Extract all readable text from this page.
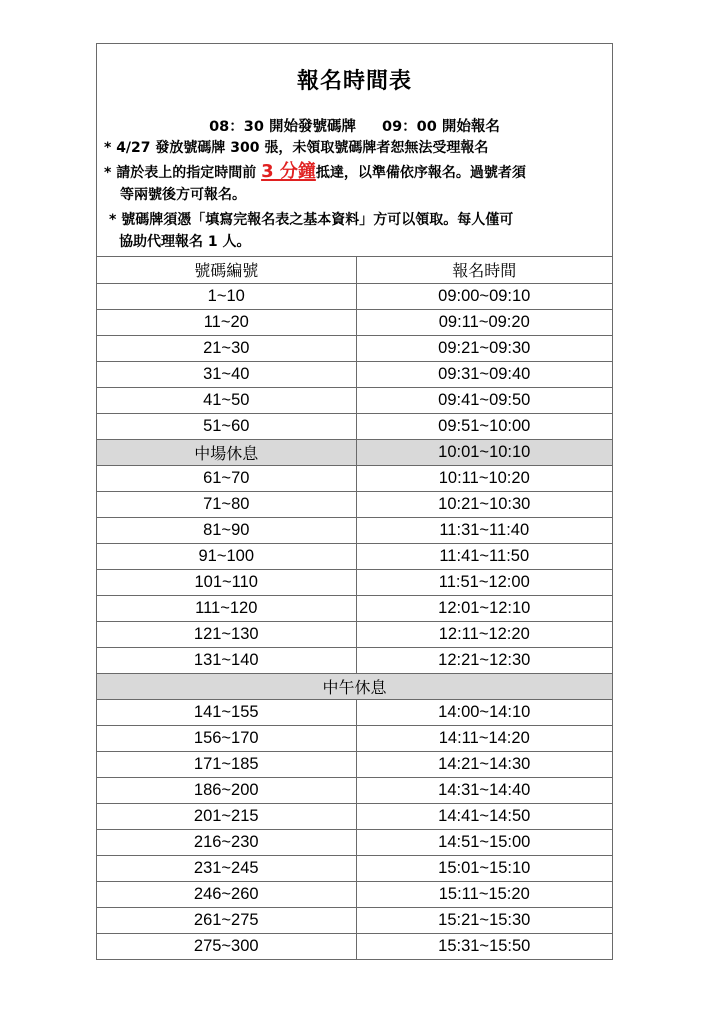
報名時間表
08：30 開始發號碼牌 09：00 開始報名
* 4/27 發放號碼牌 300 張，未領取號碼牌者恕無法受理報名
* 請於表上的指定時間前 3 分鐘抵達，以準備依序報名。過號者須
等兩號後方可報名。
* 號碼牌須憑「填寫完報名表之基本資料」方可以領取。每人僅可
協助代理報名 1 人。
號碼編號	報名時間
1~10	09:00~09:10
11~20	09:11~09:20
21~30	09:21~09:30
31~40	09:31~09:40
41~50	09:41~09:50
51~60	09:51~10:00
中場休息	10:01~10:10
61~70	10:11~10:20
71~80	10:21~10:30
81~90	11:31~11:40
91~100	11:41~11:50
101~110	11:51~12:00
111~120	12:01~12:10
121~130	12:11~12:20
131~140	12:21~12:30
中午休息	
141~155	14:00~14:10
156~170	14:11~14:20
171~185	14:21~14:30
186~200	14:31~14:40
201~215	14:41~14:50
216~230	14:51~15:00
231~245	15:01~15:10
246~260	15:11~15:20
261~275	15:21~15:30
275~300	15:31~15:50
